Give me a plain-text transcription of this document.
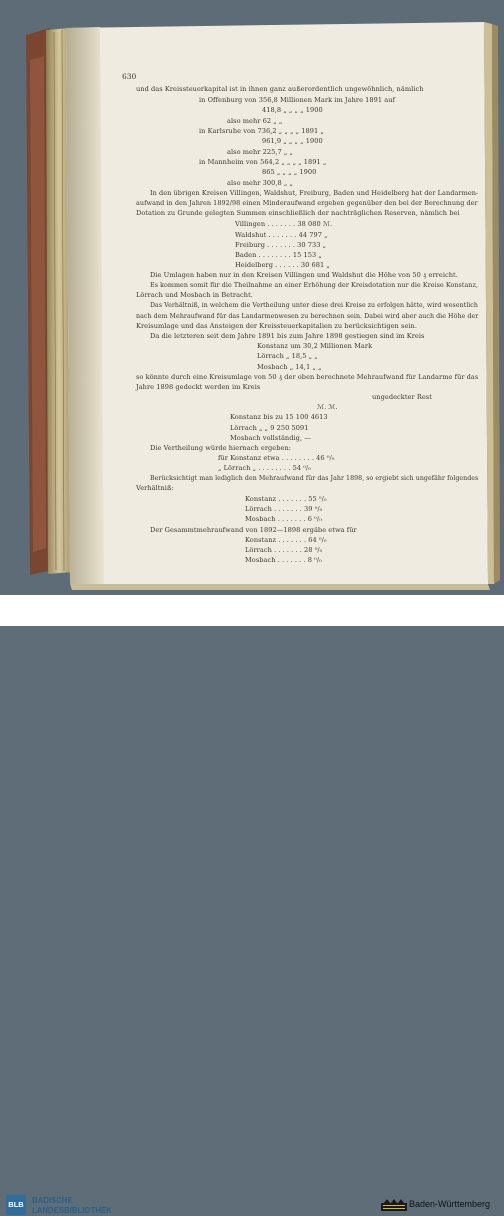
630
und das Kreissteuerkapital ist in ihnen ganz außerordentlich ungewöhnlich, nämlich
in Offenburg von 356,8 Millionen Mark im Jahre 1891 auf
418,8 „ „ „ „ 1900
also mehr 62 „ „
in Karlsruhe von 736,2 „ „ „ „ 1891 „
961,9 „ „ „ „ 1900
also mehr 225,7 „ „
in Mannheim von 564,2 „ „ „ „ 1891 „
865 „ „ „ „ 1900
also mehr 300,8 „ „
In den übrigen Kreisen Villingen, Waldshut, Freiburg, Baden und Heidelberg hat der Landarmen-
aufwand in den Jahren 1892/98 einen Minderaufwand ergeben gegenüber den bei der Berechnung der
Dotation zu Grunde gelegten Summen einschließlich der nachträglichen Reserven, nämlich bei
Villingen . . . . . . . 38 080 ℳ.
Waldshut . . . . . . . 44 797 „
Freiburg . . . . . . . 30 733 „
Baden . . . . . . . . 15 153 „
Heidelberg . . . . . . 30 681 „
Die Umlagen haben nur in den Kreisen Villingen und Waldshut die Höhe von 50 ₰ erreicht.
Es kommen somit für die Theilnahme an einer Erhöhung der Kreisdotation nur die Kreise Konstanz,
Lörrach und Mosbach in Betracht.
Das Verhältniß, in welchem die Vertheilung unter diese drei Kreise zu erfolgen hätte, wird wesentlich
nach dem Mehraufwand für das Landarmenwesen zu berechnen sein. Dabei wird aber auch die Höhe der
Kreisumlage und das Ansteigen der Kreissteuerkapitalien zu berücksichtigen sein.
Da die letzteren seit dem Jahre 1891 bis zum Jahre 1898 gestiegen sind im Kreis
Konstanz um 30,2 Millionen Mark
Lörrach „ 18,5 „ „
Mosbach „ 14,1 „ „
so könnte durch eine Kreisumlage von 50 ₰ der oben berechnete Mehraufwand für Landarme für das
Jahre 1898 gedeckt werden im Kreis
ungedeckter Rest
ℳ. ℳ.
Konstanz bis zu 15 100 4613
Lörrach „ „ 9 250 5091
Mosbach vollständig, —
Die Vertheilung würde hiernach ergeben:
für Konstanz etwa . . . . . . . . 46 ⁰/₀
„ Lörrach „ . . . . . . . . 54 ⁰/₀
Berücksichtigt man lediglich den Mehraufwand für das Jahr 1898, so ergiebt sich ungefähr folgendes
Verhältniß:
Konstanz . . . . . . . 55 ⁰/₀
Lörrach . . . . . . . 39 ⁰/₀
Mosbach . . . . . . . 6 ⁰/₀
Der Gesammtmehraufwand von 1892—1898 ergäbe etwa für
Konstanz . . . . . . . 64 ⁰/₀
Lörrach . . . . . . . 28 ⁰/₀
Mosbach . . . . . . . 8 ⁰/₀
BLB BADISCHE
LANDESBIBLIOTHEK
Baden-Württemberg
